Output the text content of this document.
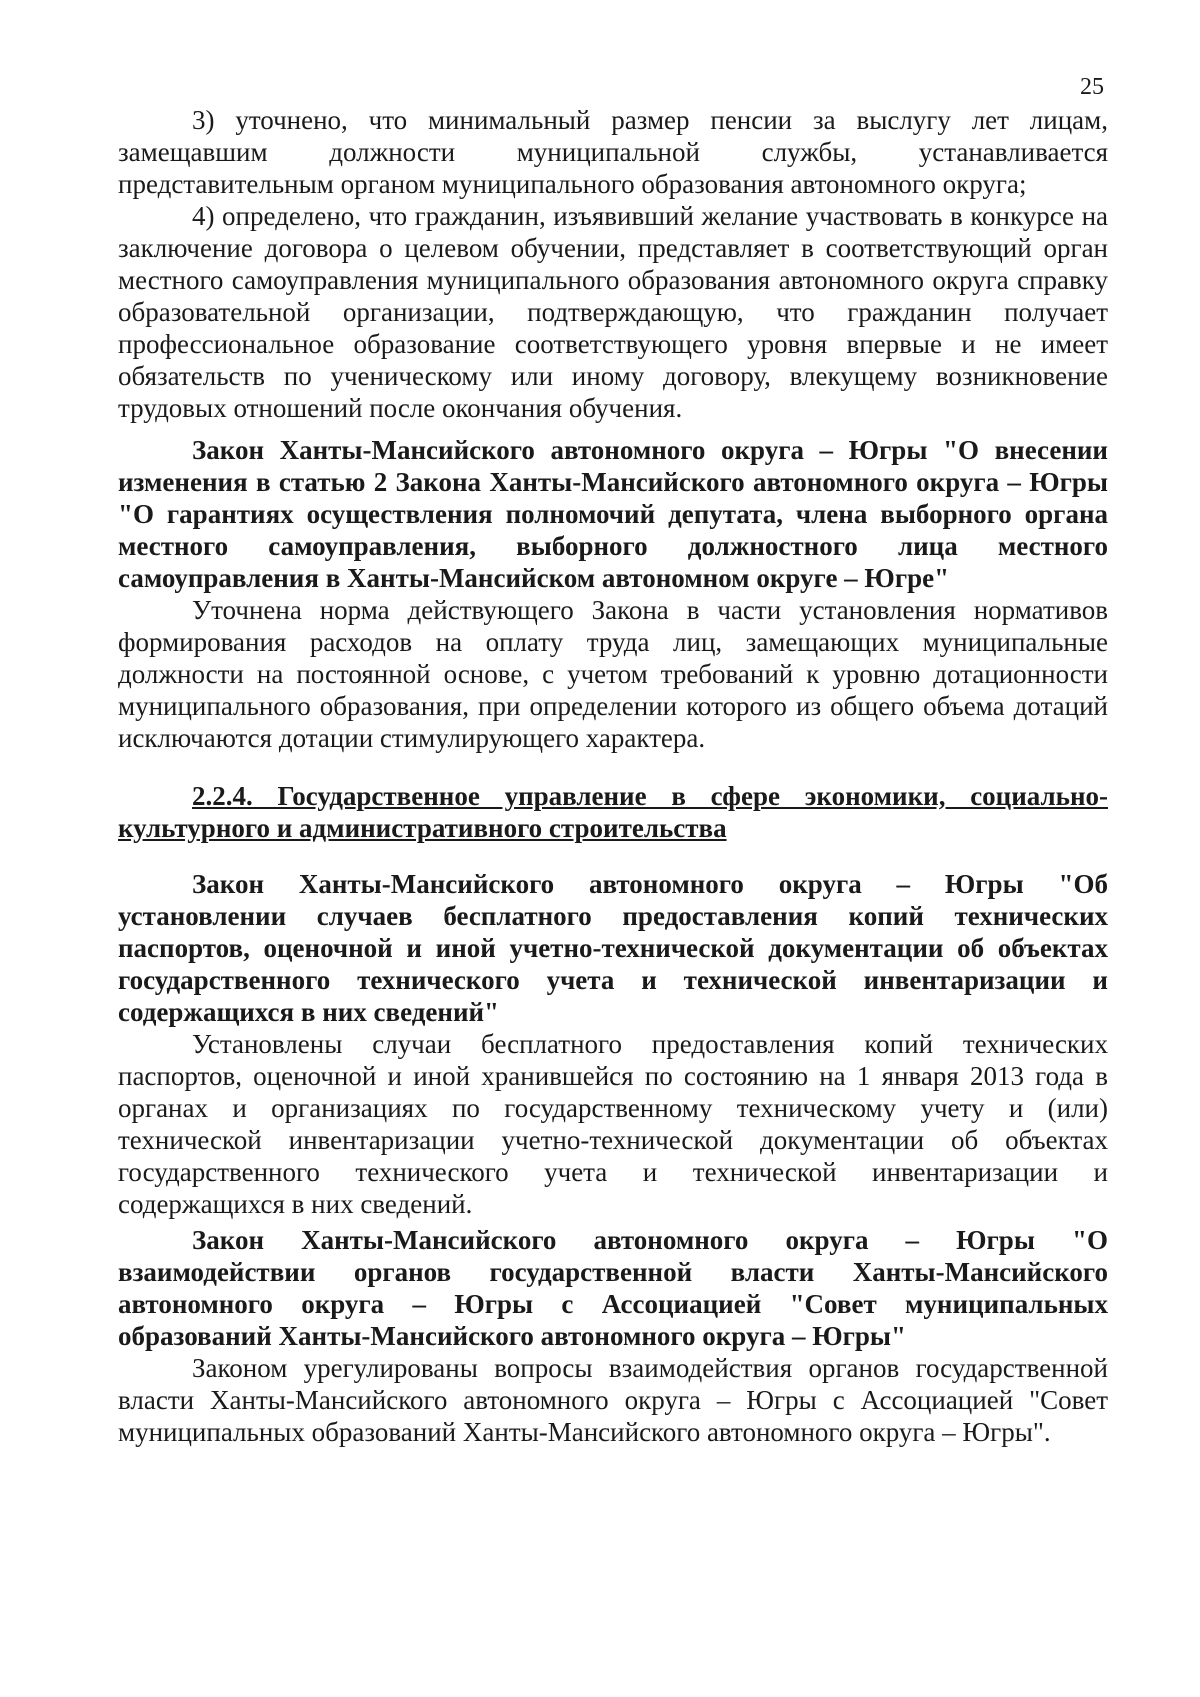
25

3) уточнено, что минимальный размер пенсии за выслугу лет лицам, замещавшим должности муниципальной службы, устанавливается представительным органом муниципального образования автономного округа;

4) определено, что гражданин, изъявивший желание участвовать в конкурсе на заключение договора о целевом обучении, представляет в соответствующий орган местного самоуправления муниципального образования автономного округа справку образовательной организации, подтверждающую, что гражданин получает профессиональное образование соответствующего уровня впервые и не имеет обязательств по ученическому или иному договору, влекущему возникновение трудовых отношений после окончания обучения.

Закон Ханты-Мансийского автономного округа – Югры "О внесении изменения в статью 2 Закона Ханты-Мансийского автономного округа – Югры "О гарантиях осуществления полномочий депутата, члена выборного органа местного самоуправления, выборного должностного лица местного самоуправления в Ханты-Мансийском автономном округе – Югре"

Уточнена норма действующего Закона в части установления нормативов формирования расходов на оплату труда лиц, замещающих муниципальные должности на постоянной основе, с учетом требований к уровню дотационности муниципального образования, при определении которого из общего объема дотаций исключаются дотации стимулирующего характера.

2.2.4. Государственное управление в сфере экономики, социально-культурного и административного строительства

Закон Ханты-Мансийского автономного округа – Югры "Об установлении случаев бесплатного предоставления копий технических паспортов, оценочной и иной учетно-технической документации об объектах государственного технического учета и технической инвентаризации и содержащихся в них сведений"

Установлены случаи бесплатного предоставления копий технических паспортов, оценочной и иной хранившейся по состоянию на 1 января 2013 года в органах и организациях по государственному техническому учету и (или) технической инвентаризации учетно-технической документации об объектах государственного технического учета и технической инвентаризации и содержащихся в них сведений.

Закон Ханты-Мансийского автономного округа – Югры "О взаимодействии органов государственной власти Ханты-Мансийского автономного округа – Югры с Ассоциацией "Совет муниципальных образований Ханты-Мансийского автономного округа – Югры"

Законом урегулированы вопросы взаимодействия органов государственной власти Ханты-Мансийского автономного округа – Югры с Ассоциацией "Совет муниципальных образований Ханты-Мансийского автономного округа – Югры".
